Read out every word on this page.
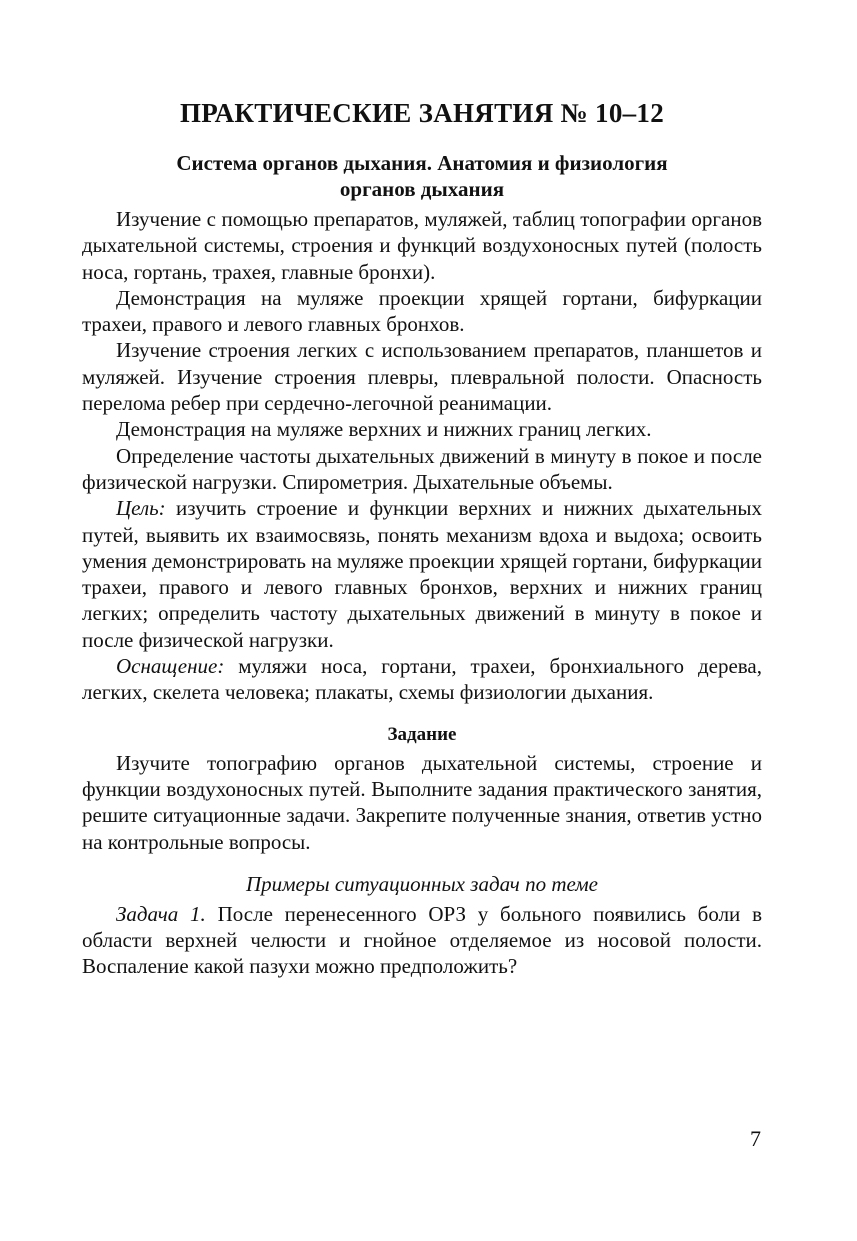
ПРАКТИЧЕСКИЕ ЗАНЯТИЯ № 10–12
Система органов дыхания. Анатомия и физиология
органов дыхания

Изучение с помощью препаратов, муляжей, таблиц топографии органов дыхательной системы, строения и функций воздухоносных путей (полость носа, гортань, трахея, главные бронхи).

Демонстрация на муляже проекции хрящей гортани, бифуркации трахеи, правого и левого главных бронхов.

Изучение строения легких с использованием препаратов, планшетов и муляжей. Изучение строения плевры, плевральной полости. Опасность перелома ребер при сердечно-легочной реанимации.

Демонстрация на муляже верхних и нижних границ легких.

Определение частоты дыхательных движений в минуту в покое и после физической нагрузки. Спирометрия. Дыхательные объемы.

Цель: изучить строение и функции верхних и нижних дыхательных путей, выявить их взаимосвязь, понять механизм вдоха и выдоха; освоить умения демонстрировать на муляже проекции хрящей гортани, бифуркации трахеи, правого и левого главных бронхов, верхних и нижних границ легких; определить частоту дыхательных движений в минуту в покое и после физической нагрузки.

Оснащение: муляжи носа, гортани, трахеи, бронхиального дерева, легких, скелета человека; плакаты, схемы физиологии дыхания.

Задание

Изучите топографию органов дыхательной системы, строение и функции воздухоносных путей. Выполните задания практического занятия, решите ситуационные задачи. Закрепите полученные знания, ответив устно на контрольные вопросы.

Примеры ситуационных задач по теме

Задача 1. После перенесенного ОРЗ у больного появились боли в области верхней челюсти и гнойное отделяемое из носовой полости. Воспаление какой пазухи можно предположить?

7
